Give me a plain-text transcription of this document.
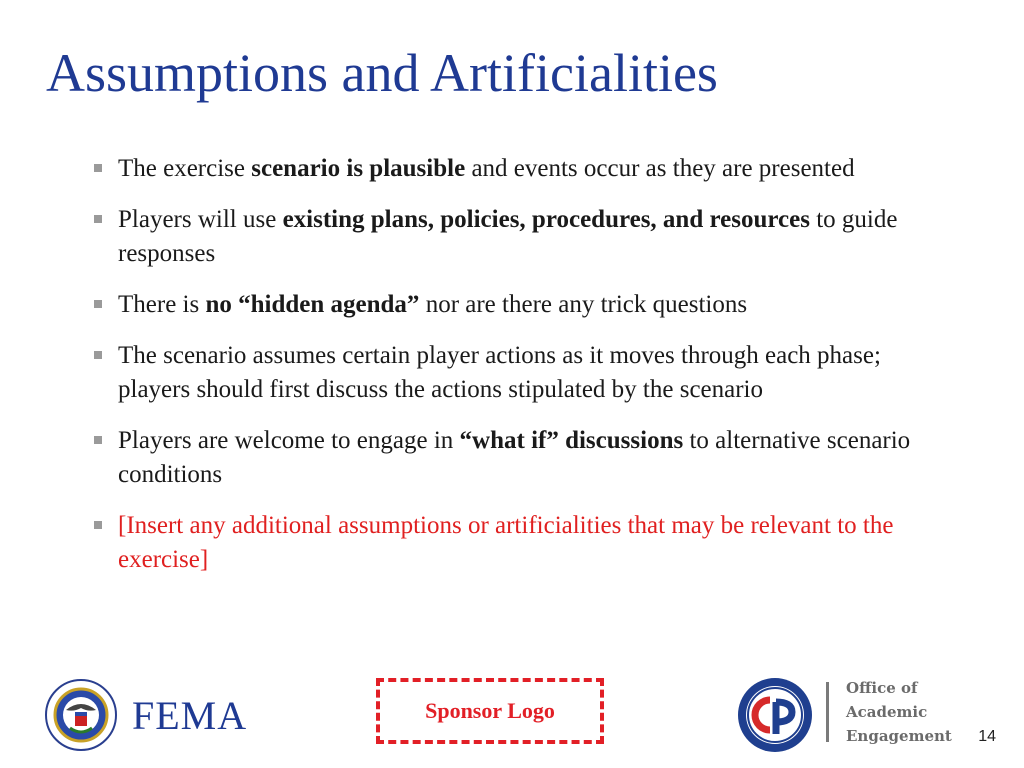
Assumptions and Artificialities
The exercise scenario is plausible and events occur as they are presented
Players will use existing plans, policies, procedures, and resources to guide responses
There is no “hidden agenda” nor are there any trick questions
The scenario assumes certain player actions as it moves through each phase; players should first discuss the actions stipulated by the scenario
Players are welcome to engage in “what if” discussions to alternative scenario conditions
[Insert any additional assumptions or artificialities that may be relevant to the exercise]
FEMA	Sponsor Logo
Office of
Academic
Engagement 14
